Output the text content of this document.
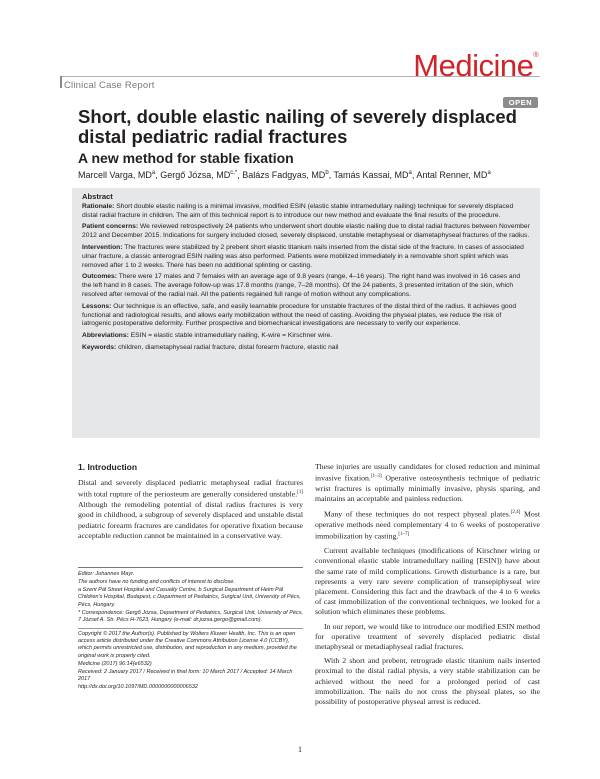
Clinical Case Report
Medicine®
OPEN
Short, double elastic nailing of severely displaced distal pediatric radial fractures
A new method for stable fixation
Marcell Varga, $MD^a$, Gergő Józsa, $MD^{c,*}$, Balázs Fadgyas, $MD^b$, Tamás Kassai, $MD^a$, Antal Renner, $MD^a$
Abstract
Rationale: Short double elastic nailing is a minimal invasive, modified ESIN (elastic stable intramedullary nailing) technique for severely displaced distal radial fracture in children. The aim of this technical report is to introduce our new method and evaluate the final results of the procedure.
Patient concerns: We reviewed retrospectively 24 patients who underwent short double elastic nailing due to distal radial fractures between November 2012 and December 2015. Indications for surgery included closed, severely displaced, unstable metaphyseal or diametaphyseal fractures of the radius.
Intervention: The fractures were stabilized by 2 prebent short elastic titanium nails inserted from the distal side of the fracture. In cases of associated ulnar fracture, a classic anterograd ESIN nailing was also performed. Patients were mobilized immediately in a removable short splint which was removed after 1 to 2 weeks. There has been no additional splinting or casting.
Outcomes: There were 17 males and 7 females with an average age of 9.8 years (range, 4–16 years). The right hand was involved in 16 cases and the left hand in 8 cases. The average follow-up was 17.8 months (range, 7–28 months). Of the 24 patients, 3 presented irritation of the skin, which resolved after removal of the radial nail. All the patients regained full range of motion without any complications.
Lessons: Our technique is an effective, safe, and easily learnable procedure for unstable fractures of the distal third of the radius. It achieves good functional and radiological results, and allows early mobilization without the need of casting. Avoiding the physeal plates, we reduce the risk of iatrogenic postoperative deformity. Further prospective and biomechanical investigations are necessary to verify our experience.
Abbreviations: ESIN = elastic stable intramedullary nailing, K-wire = Kirschner wire.
Keywords: children, diametaphyseal radial fracture, distal forearm fracture, elastic nail
1. Introduction

Distal and severely displaced pediatric metaphyseal radial fractures with total rupture of the periosteum are generally considered unstable.[1] Although the remodeling potential of distal radius fractures is very good in childhood, a subgroup of severely displaced and unstable distal pediatric forearm fractures are candidates for operative fixation because acceptable reduction cannot be maintained in a conservative way.

Editor: Johannes Mayr.
The authors have no funding and conflicts of interest to disclose.
a Szent Pál Street Hospital and Casualty Centre, b Surgical Department of Heim Pál Children's Hospital, Budapest, c Department of Pediatrics, Surgical Unit, University of Pécs, Pécs, Hungary.
* Correspondence: Gergő Józsa, Department of Pediatrics, Surgical Unit, University of Pécs, 7 József A. Str. Pécs H-7623, Hungary (e-mail: dr.jozsa.gergo@gmail.com).
Copyright © 2017 the Author(s). Published by Wolters Kluwer Health, Inc. This is an open access article distributed under the Creative Commons Attribution License 4.0 (CCBY), which permits unrestricted use, distribution, and reproduction in any medium, provided the original work is properly cited.
Medicine (2017) 96:14(e6532)
Received: 2 January 2017 / Received in final form: 10 March 2017 / Accepted: 14 March 2017
http://dx.doi.org/10.1097/MD.0000000000006532

These injuries are usually candidates for closed reduction and minimal invasive fixation.[1–3] Operative osteosynthesis technique of pediatric wrist fractures is optimally minimally invasive, physis sparing, and maintains an acceptable and painless reduction.

Many of these techniques do not respect physeal plates.[2,4] Most operative methods need complementary 4 to 6 weeks of postoperative immobilization by casting.[1–7]

Current available techniques (modifications of Kirschner wiring or conventional elastic stable intramedullary nailing [ESIN]) have about the same rate of mild complications. Growth disturbance is a rare, but represents a very rare severe complication of transepiphyseal wire placement. Considering this fact and the drawback of the 4 to 6 weeks of cast immobilization of the conventional techniques, we looked for a solution which eliminates these problems.

In our report, we would like to introduce our modified ESIN method for operative treatment of severely displaced pediatric distal metaphyseal or metadiaphyseal radial fractures.

With 2 short and prebent, retrograde elastic titanium nails inserted proximal to the distal radial physis, a very stable stabilization can be achieved without the need for a prolonged period of cast immobilization. The nails do not cross the physeal plates, so the possibility of postoperative physeal arrest is reduced.

1
